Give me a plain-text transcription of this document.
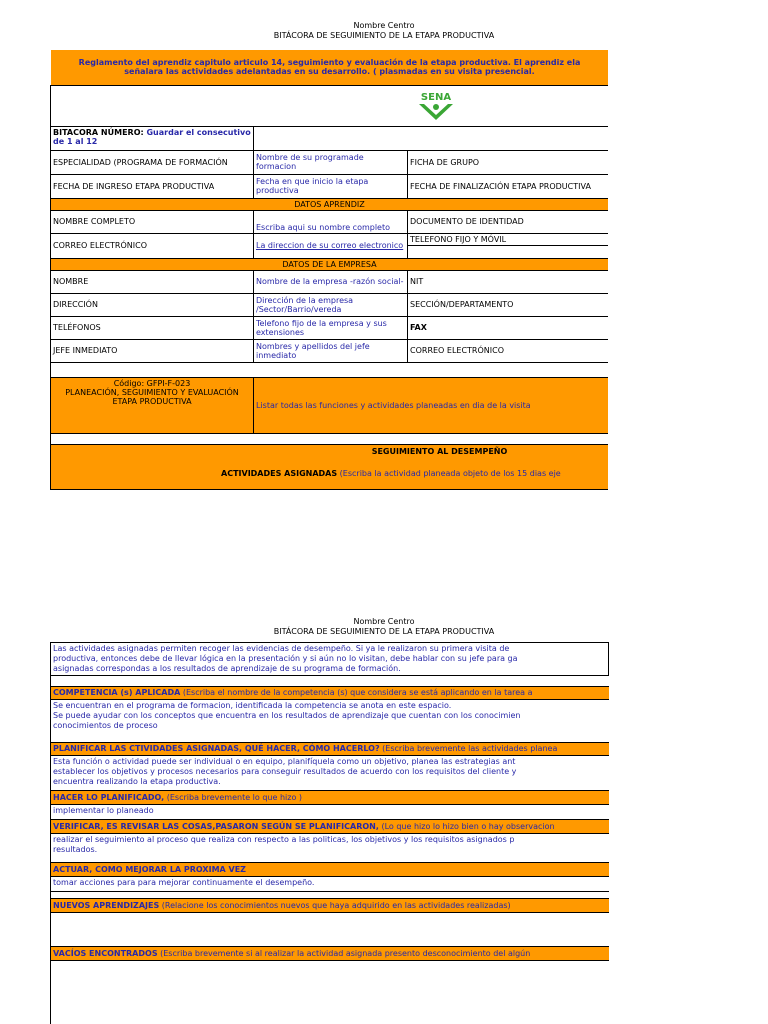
Nombre Centro
BITÁCORA DE SEGUIMIENTO DE LA ETAPA PRODUCTIVA
Reglamento del aprendiz capitulo articulo 14, seguimiento y evaluación de la etapa productiva. El aprendiz ela
señalara las actividades adelantadas en su desarrollo. ( plasmadas en su visita presencial.		

SENA		

BITACORA NÚMERO: Guardar el consecutivo de 1 al 12		
ESPECIALIDAD (PROGRAMA DE FORMACIÓN	Nombre de su programade formacion	FICHA DE GRUPO
FECHA DE INGRESO ETAPA PRODUCTIVA	Fecha en que inicio la etapa productiva	FECHA DE FINALIZACIÓN ETAPA PRODUCTIVA
DATOS APRENDIZ		
NOMBRE COMPLETO	Escriba aqui su nombre completo	DOCUMENTO DE IDENTIDAD
CORREO ELECTRÓNICO	La direccion de su correo electronico	TELEFONO FIJO Y MÓVIL

DATOS DE LA EMPRESA		
NOMBRE	Nombre de la empresa -razón social-	NIT
DIRECCIÓN	Dirección de la empresa /Sector/Barrio/vereda	SECCIÓN/DEPARTAMENTO
TELÉFONOS	Telefono fijo de la empresa y sus extensiones	FAX
JEFE INMEDIATO	Nombres y apellidos del jefe inmediato	CORREO ELECTRÓNICO

Código: GFPI-F-023
PLANEACIÓN, SEGUIMIENTO Y EVALUACIÓN ETAPA PRODUCTIVA	Listar todas las funciones y actividades planeadas en dia de la visita	

SEGUIMIENTO AL DESEMPEÑO
ACTIVIDADES ASIGNADAS (Escriba la actividad planeada objeto de los 15 dias eje		
Nombre Centro
BITÁCORA DE SEGUIMIENTO DE LA ETAPA PRODUCTIVA
Las actividades asignadas permiten recoger las evidencias de desempeño. Si ya le realizaron su primera visita de
productiva, entonces debe de llevar lógica en la presentación y si aún no lo visitan, debe hablar con su jefe para ga
asignadas correspondas a los resultados de aprendizaje de su programa de formación.
COMPETENCIA (s) APLICADA (Escriba el nombre de la competencia (s) que considera se está aplicando en la tarea a
Se encuentran en el programa de formacion, identificada la competencia se anota en este espacio.
Se puede ayudar con los conceptos que encuentra en los resultados de aprendizaje que cuentan con los conocimien
conocimientos de proceso
PLANIFICAR LAS CTIVIDADES ASIGNADAS, QUÉ HACER, CÓMO HACERLO? (Escriba brevemente las actividades planea
Esta función o actividad puede ser individual o en equipo, planifíquela como un objetivo, planea las estrategias ant
establecer los objetivos y procesos necesarios para conseguir resultados de acuerdo con los requisitos del cliente y
encuentra realizando la etapa productiva.
HACER LO PLANIFICADO, (Escriba brevemente lo que hizo )
implementar lo planeado
VERIFICAR, ES REVISAR LAS COSAS,PASARON SEGÚN SE PLANIFICARON, (Lo que hizo lo hizo bien o hay observacion
realizar el seguimiento al proceso que realiza con respecto a las politicas, los objetivos y los requisitos asignados p
resultados.
ACTUAR, COMO MEJORAR LA PROXIMA VEZ
tomar acciones para para mejorar continuamente el desempeño.
NUEVOS APRENDIZAJES (Relacione los conocimientos nuevos que haya adquirido en las actividades realizadas)
VACÍOS ENCONTRADOS (Escriba brevemente si al realizar la actividad asignada presento desconocimiento del algún
